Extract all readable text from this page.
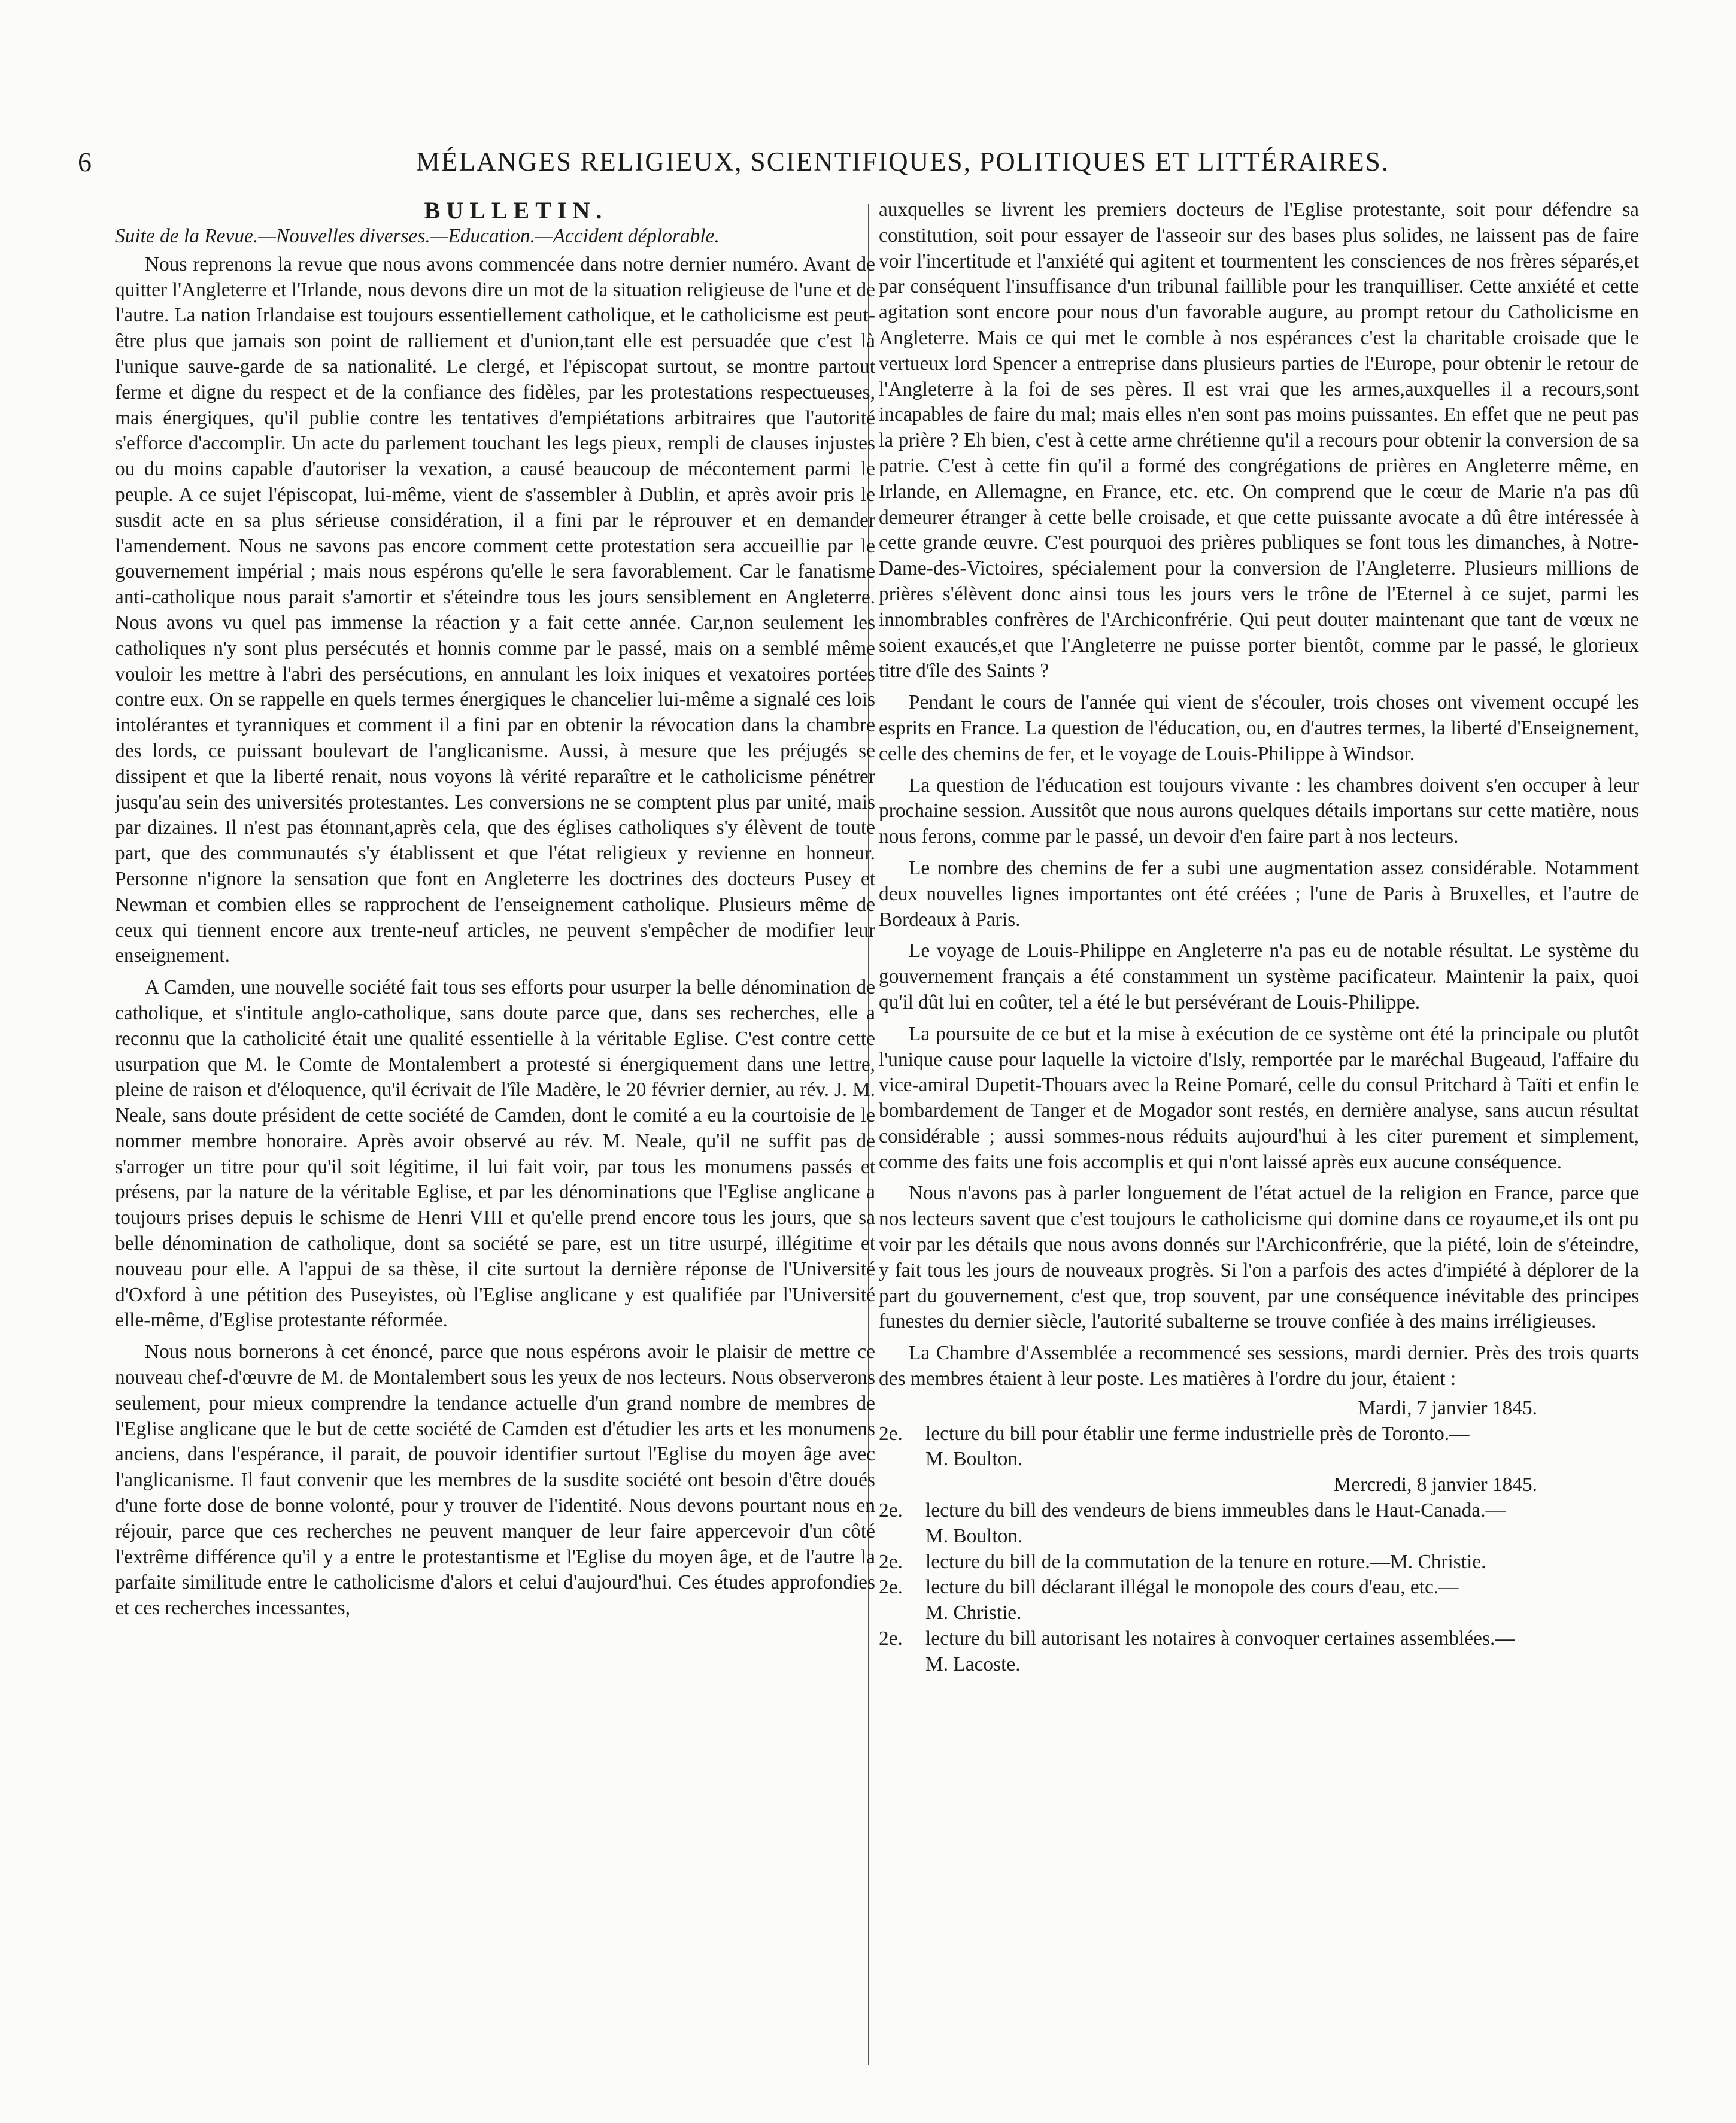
6	MÉLANGES RELIGIEUX, SCIENTIFIQUES, POLITIQUES ET LITTÉRAIRES.
BULLETIN.
Suite de la Revue.—Nouvelles diverses.—Education.—Accident déplorable.

Nous reprenons la revue que nous avons commencée dans notre dernier numéro. Avant de quitter l'Angleterre et l'Irlande, nous devons dire un mot de la situation religieuse de l'une et de l'autre. La nation Irlandaise est toujours essentiellement catholique, et le catholicisme est peut-être plus que jamais son point de ralliement et d'union,tant elle est persuadée que c'est là l'unique sauve-garde de sa nationalité. Le clergé, et l'épiscopat surtout, se montre partout ferme et digne du respect et de la confiance des fidèles, par les protestations respectueuses, mais énergiques, qu'il publie contre les tentatives d'empiétations arbitraires que l'autorité s'efforce d'accomplir. Un acte du parlement touchant les legs pieux, rempli de clauses injustes ou du moins capable d'autoriser la vexation, a causé beaucoup de mécontement parmi le peuple. A ce sujet l'épiscopat, lui-même, vient de s'assembler à Dublin, et après avoir pris le susdit acte en sa plus sérieuse considération, il a fini par le réprouver et en demander l'amendement. Nous ne savons pas encore comment cette protestation sera accueillie par le gouvernement impérial ; mais nous espérons qu'elle le sera favorablement. Car le fanatisme anti-catholique nous parait s'amortir et s'éteindre tous les jours sensiblement en Angleterre. Nous avons vu quel pas immense la réaction y a fait cette année. Car,non seulement les catholiques n'y sont plus persécutés et honnis comme par le passé, mais on a semblé même vouloir les mettre à l'abri des persécutions, en annulant les loix iniques et vexatoires portées contre eux. On se rappelle en quels termes énergiques le chancelier lui-même a signalé ces lois intolérantes et tyranniques et comment il a fini par en obtenir la révocation dans la chambre des lords, ce puissant boulevart de l'anglicanisme. Aussi, à mesure que les préjugés se dissipent et que la liberté renait, nous voyons là vérité reparaître et le catholicisme pénétrer jusqu'au sein des universités protestantes. Les conversions ne se comptent plus par unité, mais par dizaines. Il n'est pas étonnant,après cela, que des églises catholiques s'y élèvent de toute part, que des communautés s'y établissent et que l'état religieux y revienne en honneur. Personne n'ignore la sensation que font en Angleterre les doctrines des docteurs Pusey et Newman et combien elles se rapprochent de l'enseignement catholique. Plusieurs même de ceux qui tiennent encore aux trente-neuf articles, ne peuvent s'empêcher de modifier leur enseignement.

A Camden, une nouvelle société fait tous ses efforts pour usurper la belle dénomination de catholique, et s'intitule anglo-catholique, sans doute parce que, dans ses recherches, elle a reconnu que la catholicité était une qualité essentielle à la véritable Eglise. C'est contre cette usurpation que M. le Comte de Montalembert a protesté si énergiquement dans une lettre, pleine de raison et d'éloquence, qu'il écrivait de l'île Madère, le 20 février dernier, au rév. J. M. Neale, sans doute président de cette société de Camden, dont le comité a eu la courtoisie de le nommer membre honoraire. Après avoir observé au rév. M. Neale, qu'il ne suffit pas de s'arroger un titre pour qu'il soit légitime, il lui fait voir, par tous les monumens passés et présens, par la nature de la véritable Eglise, et par les dénominations que l'Eglise anglicane a toujours prises depuis le schisme de Henri VIII et qu'elle prend encore tous les jours, que sa belle dénomination de catholique, dont sa société se pare, est un titre usurpé, illégitime et nouveau pour elle. A l'appui de sa thèse, il cite surtout la dernière réponse de l'Université d'Oxford à une pétition des Puseyistes, où l'Eglise anglicane y est qualifiée par l'Université elle-même, d'Eglise protestante réformée.

Nous nous bornerons à cet énoncé, parce que nous espérons avoir le plaisir de mettre ce nouveau chef-d'œuvre de M. de Montalembert sous les yeux de nos lecteurs. Nous observerons seulement, pour mieux comprendre la tendance actuelle d'un grand nombre de membres de l'Eglise anglicane que le but de cette société de Camden est d'étudier les arts et les monumens anciens, dans l'espérance, il parait, de pouvoir identifier surtout l'Eglise du moyen âge avec l'anglicanisme. Il faut convenir que les membres de la susdite société ont besoin d'être doués d'une forte dose de bonne volonté, pour y trouver de l'identité. Nous devons pourtant nous en réjouir, parce que ces recherches ne peuvent manquer de leur faire appercevoir d'un côté l'extrême différence qu'il y a entre le protestantisme et l'Eglise du moyen âge, et de l'autre la parfaite similitude entre le catholicisme d'alors et celui d'aujourd'hui. Ces études approfondies et ces recherches incessantes,

auxquelles se livrent les premiers docteurs de l'Eglise protestante, soit pour défendre sa constitution, soit pour essayer de l'asseoir sur des bases plus solides, ne laissent pas de faire voir l'incertitude et l'anxiété qui agitent et tourmentent les consciences de nos frères séparés,et par conséquent l'insuffisance d'un tribunal faillible pour les tranquilliser. Cette anxiété et cette agitation sont encore pour nous d'un favorable augure, au prompt retour du Catholicisme en Angleterre. Mais ce qui met le comble à nos espérances c'est la charitable croisade que le vertueux lord Spencer a entreprise dans plusieurs parties de l'Europe, pour obtenir le retour de l'Angleterre à la foi de ses pères. Il est vrai que les armes,auxquelles il a recours,sont incapables de faire du mal; mais elles n'en sont pas moins puissantes. En effet que ne peut pas la prière ? Eh bien, c'est à cette arme chrétienne qu'il a recours pour obtenir la conversion de sa patrie. C'est à cette fin qu'il a formé des congrégations de prières en Angleterre même, en Irlande, en Allemagne, en France, etc. etc. On comprend que le cœur de Marie n'a pas dû demeurer étranger à cette belle croisade, et que cette puissante avocate a dû être intéressée à cette grande œuvre. C'est pourquoi des prières publiques se font tous les dimanches, à Notre-Dame-des-Victoires, spécialement pour la conversion de l'Angleterre. Plusieurs millions de prières s'élèvent donc ainsi tous les jours vers le trône de l'Eternel à ce sujet, parmi les innombrables confrères de l'Archiconfrérie. Qui peut douter maintenant que tant de vœux ne soient exaucés,et que l'Angleterre ne puisse porter bientôt, comme par le passé, le glorieux titre d'île des Saints ?

Pendant le cours de l'année qui vient de s'écouler, trois choses ont vivement occupé les esprits en France. La question de l'éducation, ou, en d'autres termes, la liberté d'Enseignement, celle des chemins de fer, et le voyage de Louis-Philippe à Windsor.

La question de l'éducation est toujours vivante : les chambres doivent s'en occuper à leur prochaine session. Aussitôt que nous aurons quelques détails importans sur cette matière, nous nous ferons, comme par le passé, un devoir d'en faire part à nos lecteurs.

Le nombre des chemins de fer a subi une augmentation assez considérable. Notamment deux nouvelles lignes importantes ont été créées ; l'une de Paris à Bruxelles, et l'autre de Bordeaux à Paris.

Le voyage de Louis-Philippe en Angleterre n'a pas eu de notable résultat. Le système du gouvernement français a été constamment un système pacificateur. Maintenir la paix, quoi qu'il dût lui en coûter, tel a été le but persévérant de Louis-Philippe.

La poursuite de ce but et la mise à exécution de ce système ont été la principale ou plutôt l'unique cause pour laquelle la victoire d'Isly, remportée par le maréchal Bugeaud, l'affaire du vice-amiral Dupetit-Thouars avec la Reine Pomaré, celle du consul Pritchard à Taïti et enfin le bombardement de Tanger et de Mogador sont restés, en dernière analyse, sans aucun résultat considérable ; aussi sommes-nous réduits aujourd'hui à les citer purement et simplement, comme des faits une fois accomplis et qui n'ont laissé après eux aucune conséquence.

Nous n'avons pas à parler longuement de l'état actuel de la religion en France, parce que nos lecteurs savent que c'est toujours le catholicisme qui domine dans ce royaume,et ils ont pu voir par les détails que nous avons donnés sur l'Archiconfrérie, que la piété, loin de s'éteindre, y fait tous les jours de nouveaux progrès. Si l'on a parfois des actes d'impiété à déplorer de la part du gouvernement, c'est que, trop souvent, par une conséquence inévitable des principes funestes du dernier siècle, l'autorité subalterne se trouve confiée à des mains irréligieuses.

La Chambre d'Assemblée a recommencé ses sessions, mardi dernier. Près des trois quarts des membres étaient à leur poste. Les matières à l'ordre du jour, étaient :

Mardi, 7 janvier 1845.
2e.	lecture du bill pour établir une ferme industrielle près de Toronto.—
M. Boulton.
Mercredi, 8 janvier 1845.
2e.	lecture du bill des vendeurs de biens immeubles dans le Haut-Canada.—
M. Boulton.
2e.	lecture du bill de la commutation de la tenure en roture.—M. Christie.
2e.	lecture du bill déclarant illégal le monopole des cours d'eau, etc.—
M. Christie.
2e.	lecture du bill autorisant les notaires à convoquer certaines assemblées.—
M. Lacoste.
